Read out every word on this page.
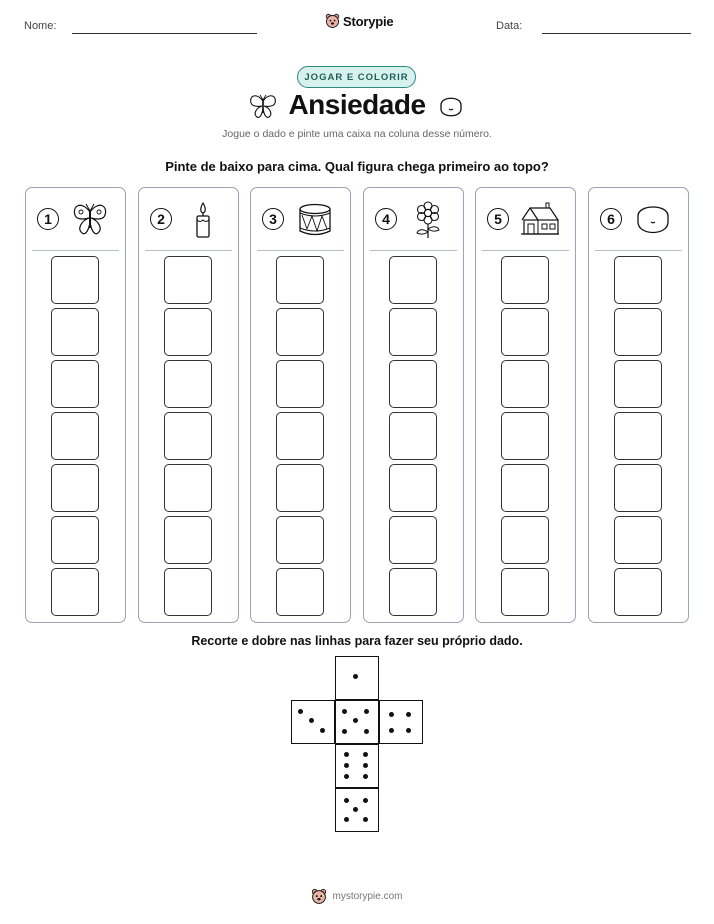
Nome:	Storypie	Data:
JOGAR E COLORIR
Ansiedade
Jogue o dado e pinte uma caixa na coluna desse número.
Pinte de baixo para cima. Qual figura chega primeiro ao topo?
1	2	3	4	5	6
Recorte e dobre nas linhas para fazer seu próprio dado.
mystorypie.com
